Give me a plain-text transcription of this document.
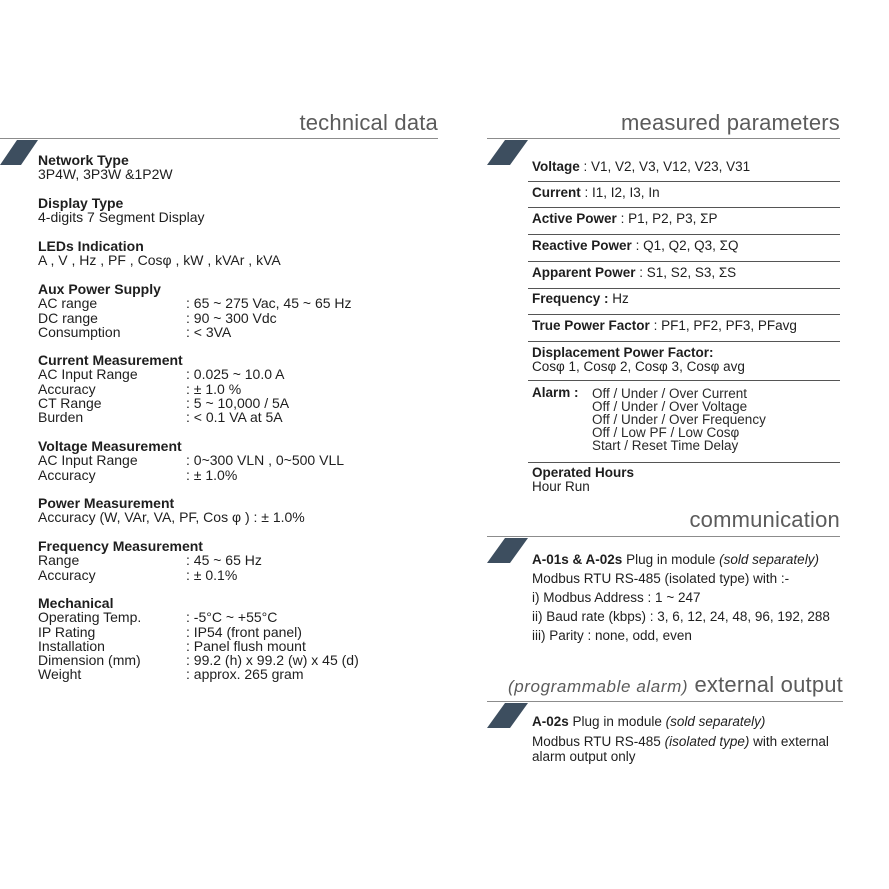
technical data
Network Type
3P4W, 3P3W &1P2W
Display Type
4-digits 7 Segment Display
LEDs Indication
A , V , Hz , PF , Cosφ , kW , kVAr , kVA
Aux Power Supply
AC range	: 65 ~ 275 Vac, 45 ~ 65 Hz
DC range	: 90 ~ 300 Vdc
Consumption	: < 3VA
Current Measurement
AC Input Range	: 0.025 ~ 10.0 A
Accuracy	: ± 1.0 %
CT Range	: 5 ~ 10,000 / 5A
Burden	: < 0.1 VA at 5A
Voltage Measurement
AC Input Range	: 0~300 VLN , 0~500 VLL
Accuracy	: ± 1.0%
Power Measurement
Accuracy (W, VAr, VA, PF, Cos φ ) : ± 1.0%
Frequency Measurement
Range	: 45 ~ 65 Hz
Accuracy	: ± 0.1%
Mechanical
Operating Temp.	: -5°C ~ +55°C
IP Rating	: IP54 (front panel)
Installation	: Panel flush mount
Dimension (mm)	: 99.2 (h) x 99.2 (w) x 45 (d)
Weight	: approx. 265 gram
measured parameters
Voltage : V1, V2, V3, V12, V23, V31
Current : I1, I2, I3, In
Active Power : P1, P2, P3, ΣP
Reactive Power : Q1, Q2, Q3, ΣQ
Apparent Power : S1, S2, S3, ΣS
Frequency : Hz
True Power Factor : PF1, PF2, PF3, PFavg
Displacement Power Factor:
Cosφ 1, Cosφ 2, Cosφ 3, Cosφ avg
Alarm : Off / Under / Over Current
Off / Under / Over Voltage
Off / Under / Over Frequency
Off / Low PF / Low Cosφ
Start / Reset Time Delay
Operated Hours
Hour Run
communication
A-01s & A-02s Plug in module (sold separately)
Modbus RTU RS-485 (isolated type) with :-
i) Modbus Address : 1 ~ 247
ii) Baud rate (kbps) : 3, 6, 12, 24, 48, 96, 192, 288
iii) Parity : none, odd, even
(programmable alarm) external output
A-02s Plug in module (sold separately)
Modbus RTU RS-485 (isolated type) with external
alarm output only
